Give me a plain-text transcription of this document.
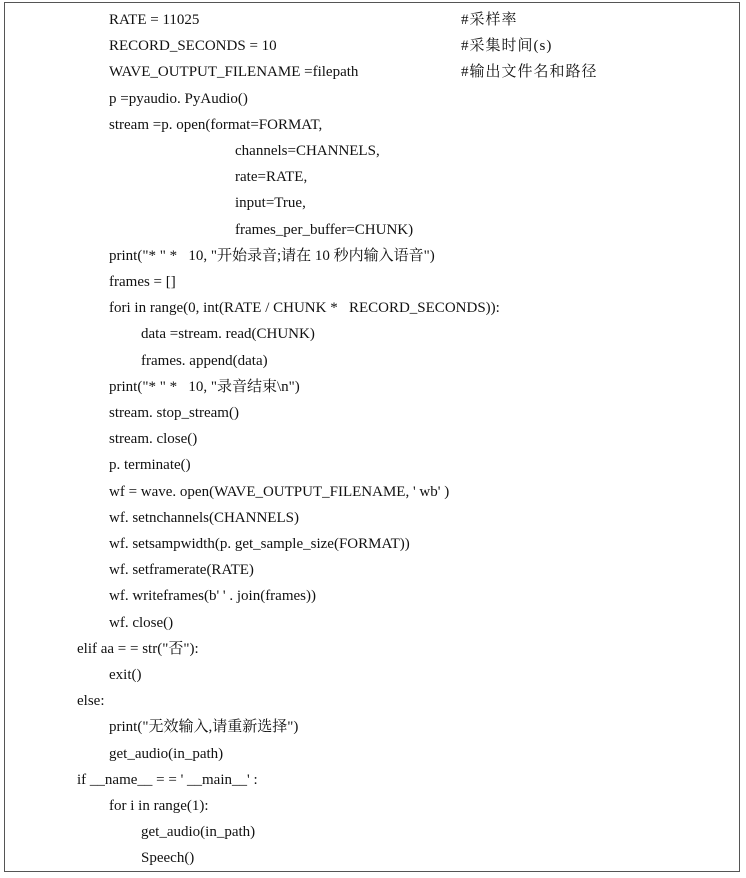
RATE = 11025	#采样率
RECORD_SECONDS = 10	#采集时间(s)
WAVE_OUTPUT_FILENAME =filepath	#输出文件名和路径
p =pyaudio. PyAudio()
stream =p. open(format=FORMAT,
channels=CHANNELS,
rate=RATE,
input=True,
frames_per_buffer=CHUNK)
print("* " *   10, "开始录音;请在 10 秒内输入语音")
frames = []
fori in range(0, int(RATE / CHUNK *   RECORD_SECONDS)):
data =stream. read(CHUNK)
frames. append(data)
print("* " *   10, "录音结束\n")
stream. stop_stream()
stream. close()
p. terminate()
wf = wave. open(WAVE_OUTPUT_FILENAME, ' wb' )
wf. setnchannels(CHANNELS)
wf. setsampwidth(p. get_sample_size(FORMAT))
wf. setframerate(RATE)
wf. writeframes(b' ' . join(frames))
wf. close()
elif aa = = str("否"):
exit()
else:
print("无效输入,请重新选择")
get_audio(in_path)
if __name__ = = ' __main__' :
for i in range(1):
get_audio(in_path)
Speech()
